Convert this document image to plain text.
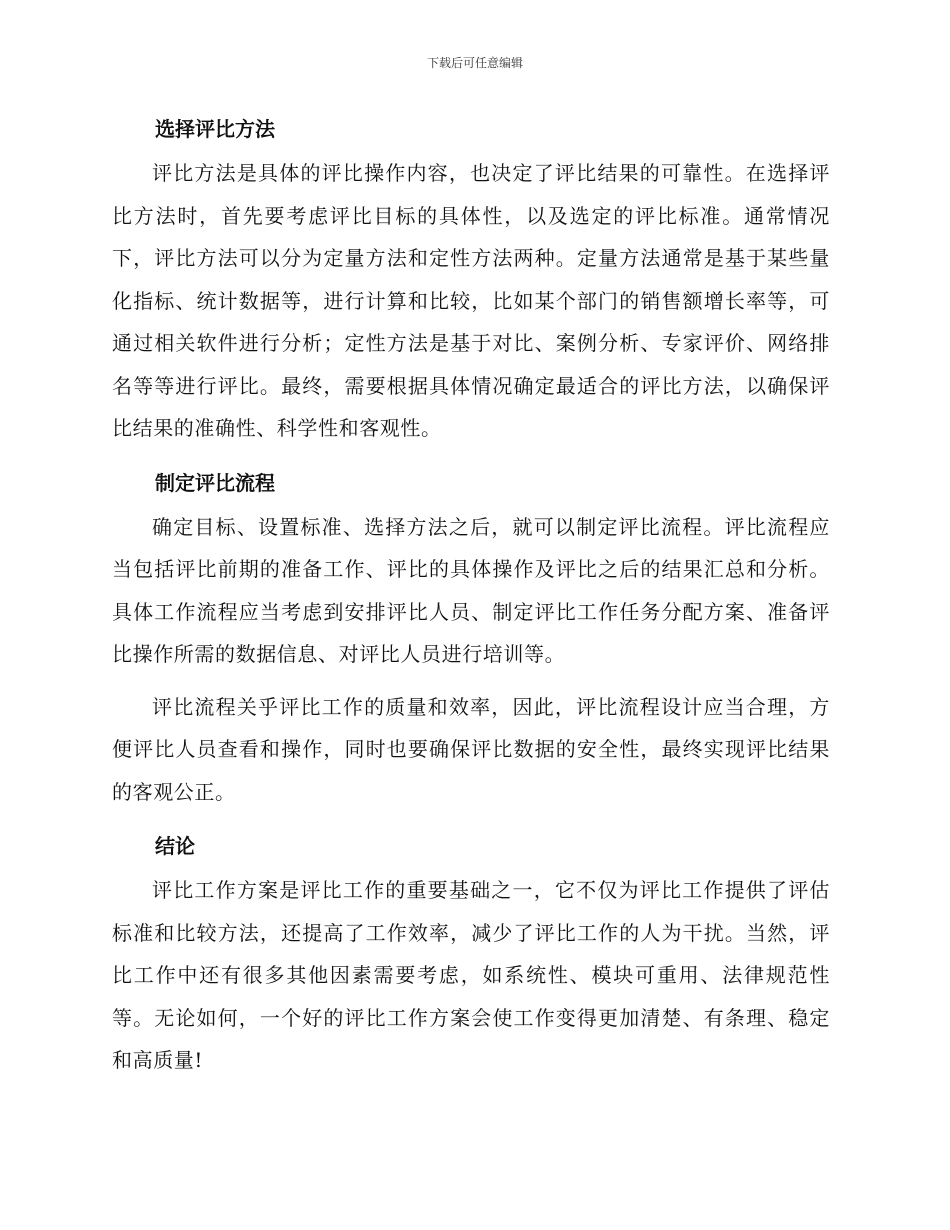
下载后可任意编辑
选择评比方法

评比方法是具体的评比操作内容，也决定了评比结果的可靠性。在选择评比方法时，首先要考虑评比目标的具体性，以及选定的评比标准。通常情况下，评比方法可以分为定量方法和定性方法两种。定量方法通常是基于某些量化指标、统计数据等，进行计算和比较，比如某个部门的销售额增长率等，可通过相关软件进行分析；定性方法是基于对比、案例分析、专家评价、网络排名等等进行评比。最终，需要根据具体情况确定最适合的评比方法，以确保评比结果的准确性、科学性和客观性。

制定评比流程

确定目标、设置标准、选择方法之后，就可以制定评比流程。评比流程应当包括评比前期的准备工作、评比的具体操作及评比之后的结果汇总和分析。具体工作流程应当考虑到安排评比人员、制定评比工作任务分配方案、准备评比操作所需的数据信息、对评比人员进行培训等。

评比流程关乎评比工作的质量和效率，因此，评比流程设计应当合理，方便评比人员查看和操作，同时也要确保评比数据的安全性，最终实现评比结果的客观公正。

结论

评比工作方案是评比工作的重要基础之一，它不仅为评比工作提供了评估标准和比较方法，还提高了工作效率，减少了评比工作的人为干扰。当然，评比工作中还有很多其他因素需要考虑，如系统性、模块可重用、法律规范性等。无论如何，一个好的评比工作方案会使工作变得更加清楚、有条理、稳定和高质量!
